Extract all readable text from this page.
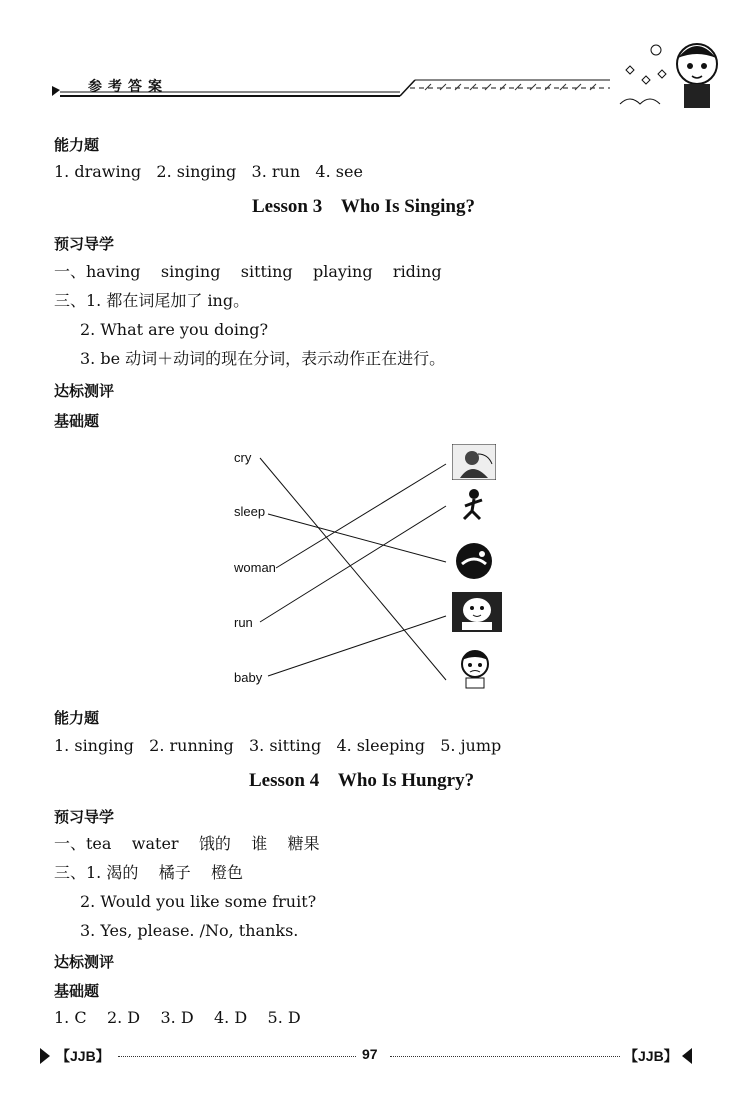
参考答案
能力题
1. drawing   2. singing   3. run   4. see
Lesson 3    Who Is Singing?
预习导学
一、having    singing    sitting    playing    riding
三、1. 都在词尾加了 ing。
2. What are you doing?
3. be 动词＋动词的现在分词，表示动作正在进行。
达标测评
基础题
cry
sleep
woman
run
baby
能力题
1. singing   2. running   3. sitting   4. sleeping   5. jump
Lesson 4    Who Is Hungry?
预习导学
一、tea    water    饿的    谁    糖果
三、1. 渴的    橘子    橙色
2. Would you like some fruit?
3. Yes, please. /No, thanks.
达标测评
基础题
1. C    2. D    3. D    4. D    5. D
【JJB】	97	【JJB】
